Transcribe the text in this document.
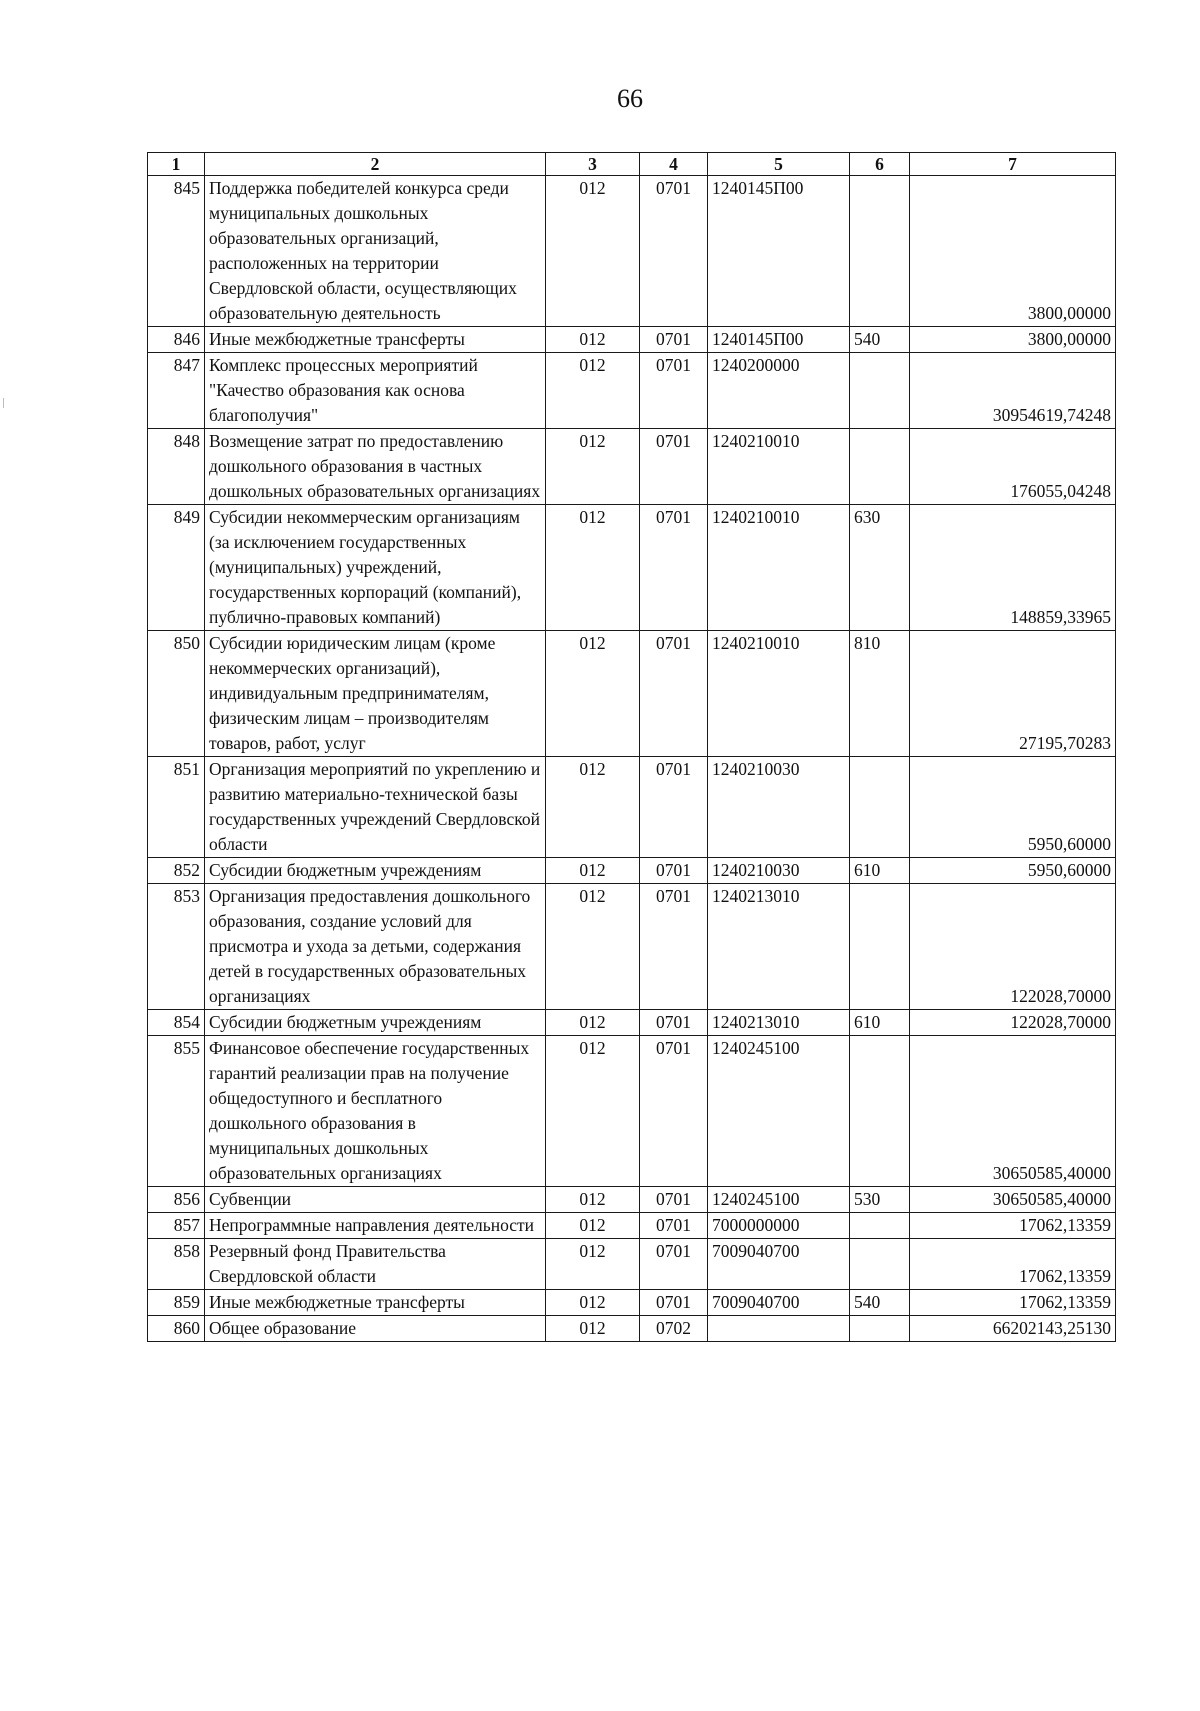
66
1	2	3	4	5	6	7
845	Поддержка победителей конкурса среди муниципальных дошкольных образовательных организаций, расположенных на территории Свердловской области, осуществляющих образовательную деятельность	012	0701	1240145П00		3800,00000
846	Иные межбюджетные трансферты	012	0701	1240145П00	540	3800,00000
847	Комплекс процессных мероприятий "Качество образования как основа благополучия"	012	0701	1240200000		30954619,74248
848	Возмещение затрат по предоставлению дошкольного образования в частных дошкольных образовательных организациях	012	0701	1240210010		176055,04248
849	Субсидии некоммерческим организациям (за исключением государственных (муниципальных) учреждений, государственных корпораций (компаний), публично-правовых компаний)	012	0701	1240210010	630	148859,33965
850	Субсидии юридическим лицам (кроме некоммерческих организаций), индивидуальным предпринимателям, физическим лицам – производителям товаров, работ, услуг	012	0701	1240210010	810	27195,70283
851	Организация мероприятий по укреплению и развитию материально-технической базы государственных учреждений Свердловской области	012	0701	1240210030		5950,60000
852	Субсидии бюджетным учреждениям	012	0701	1240210030	610	5950,60000
853	Организация предоставления дошкольного образования, создание условий для присмотра и ухода за детьми, содержания детей в государственных образовательных организациях	012	0701	1240213010		122028,70000
854	Субсидии бюджетным учреждениям	012	0701	1240213010	610	122028,70000
855	Финансовое обеспечение государственных гарантий реализации прав на получение общедоступного и бесплатного дошкольного образования в муниципальных дошкольных образовательных организациях	012	0701	1240245100		30650585,40000
856	Субвенции	012	0701	1240245100	530	30650585,40000
857	Непрограммные направления деятельности	012	0701	7000000000		17062,13359
858	Резервный фонд Правительства Свердловской области	012	0701	7009040700		17062,13359
859	Иные межбюджетные трансферты	012	0701	7009040700	540	17062,13359
860	Общее образование	012	0702			66202143,25130
